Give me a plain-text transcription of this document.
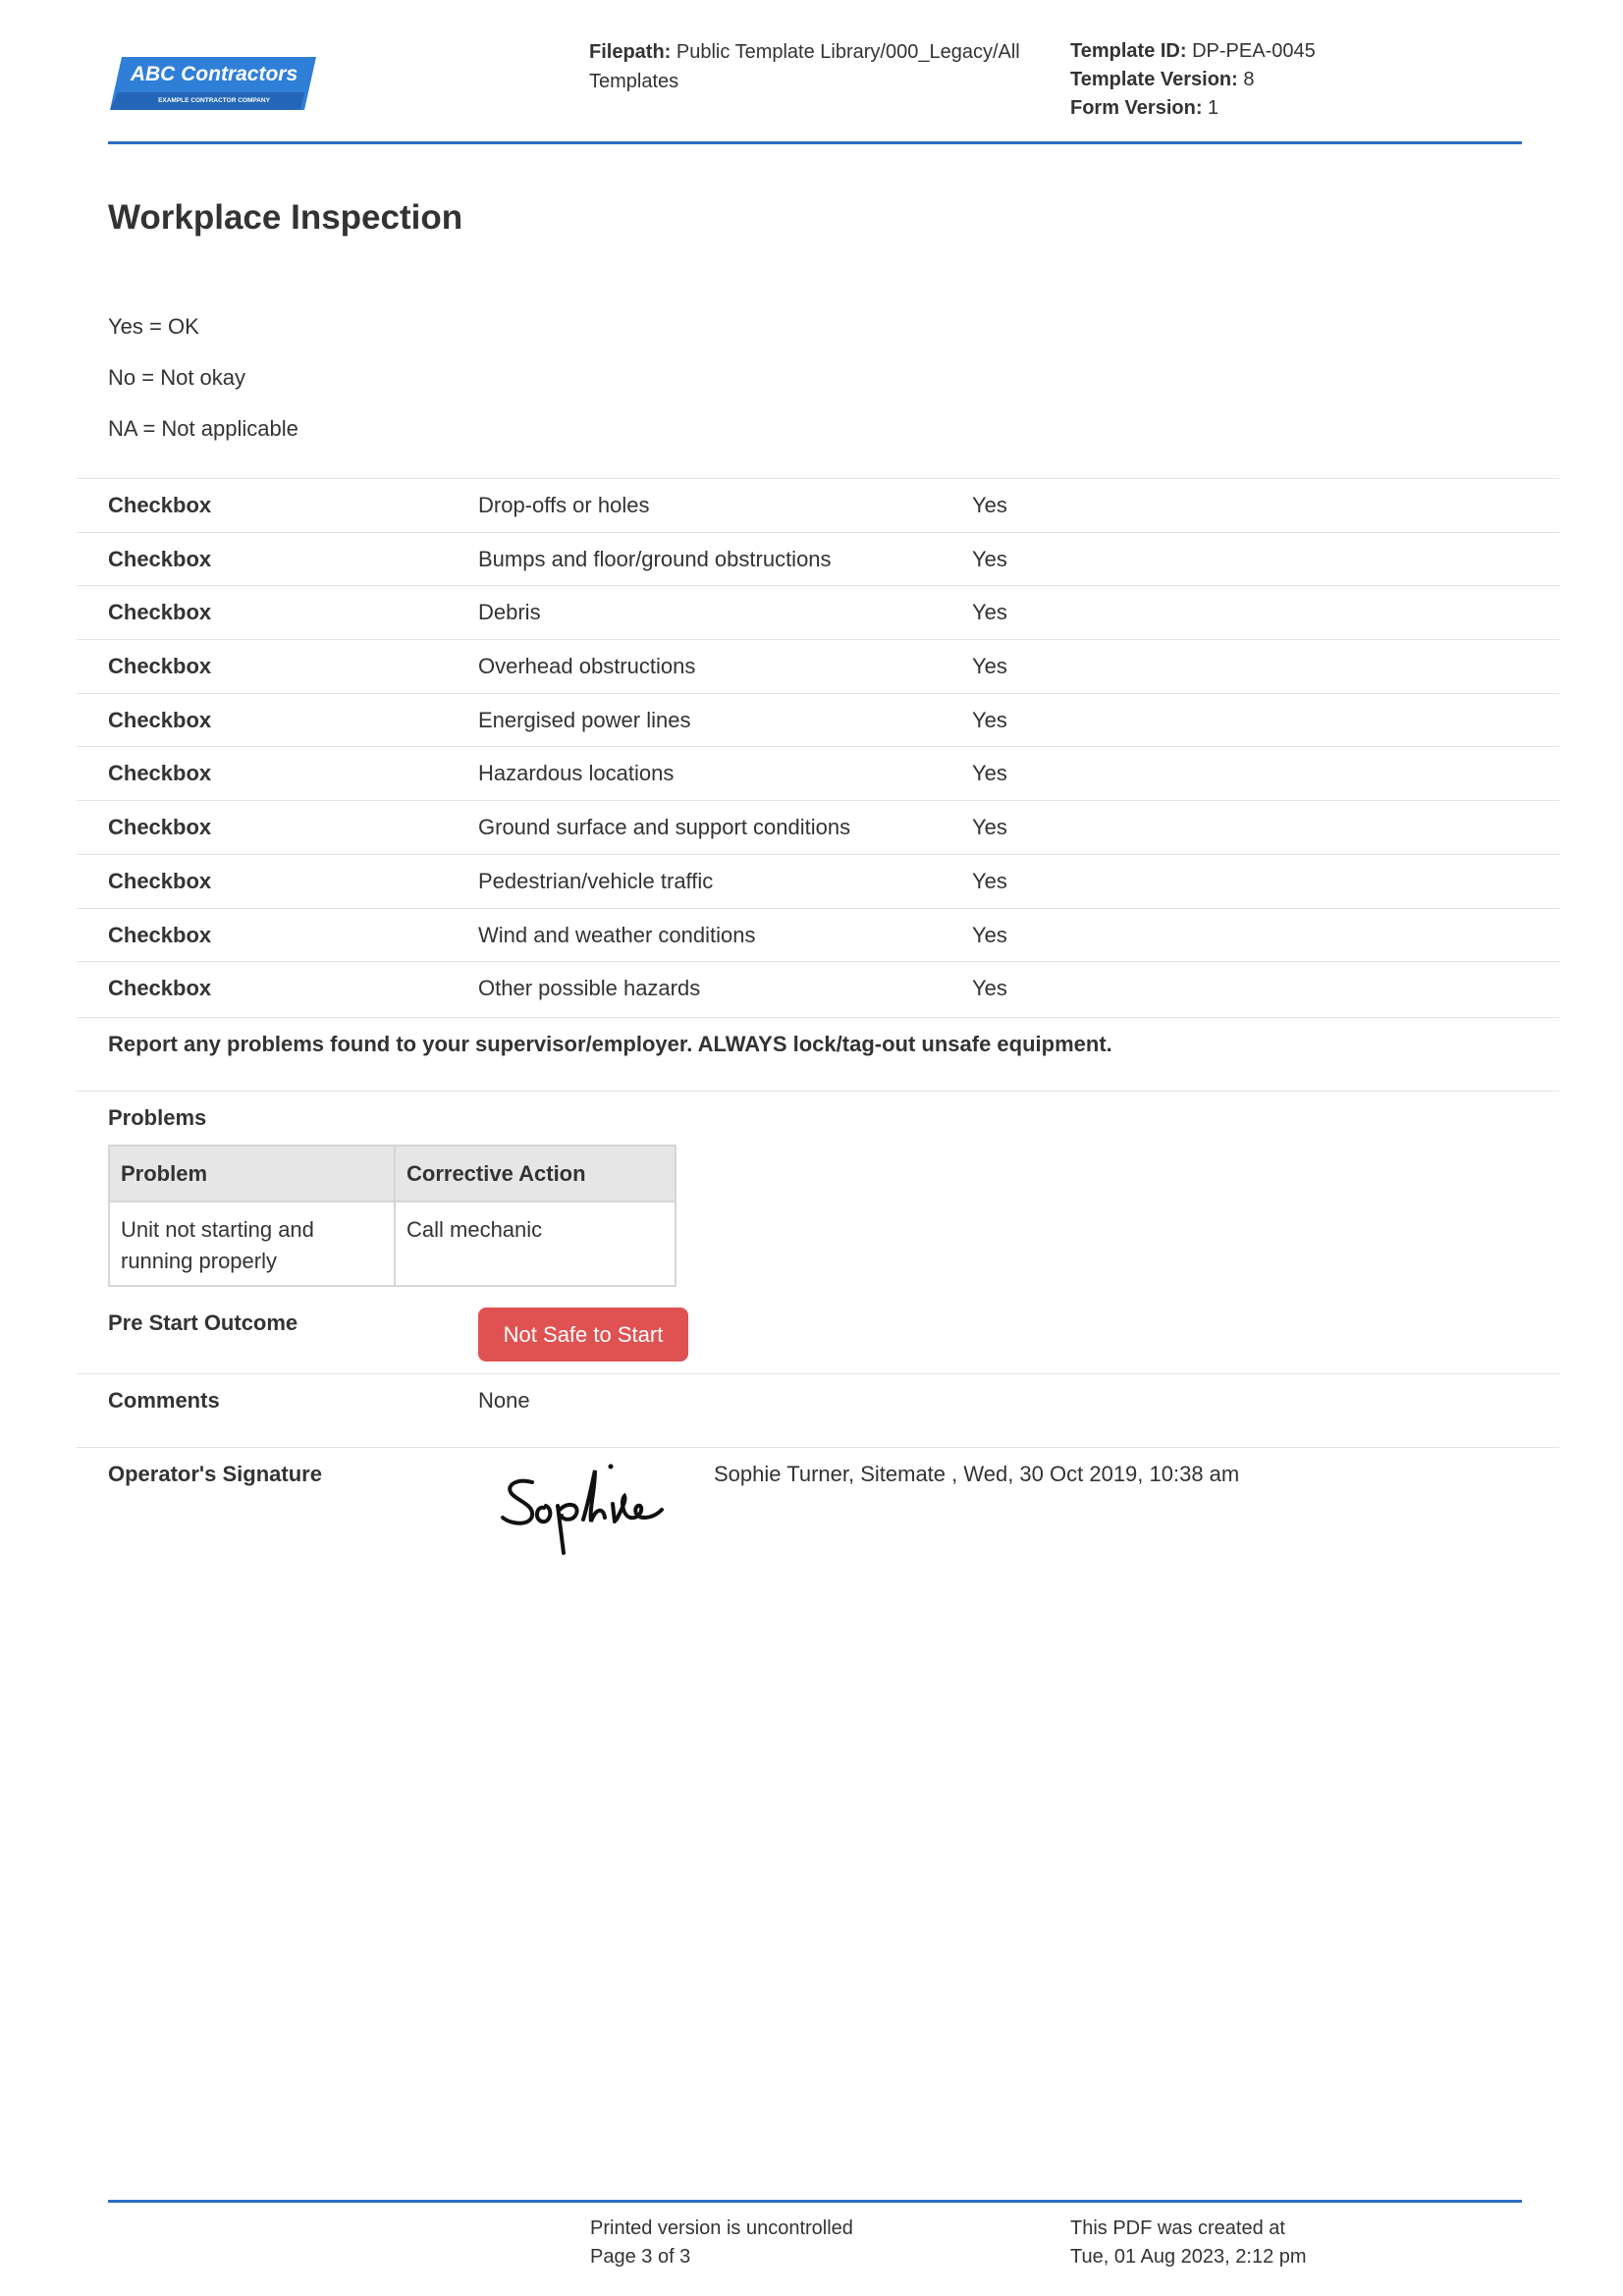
ABC Contractors
EXAMPLE CONTRACTOR COMPANY
Filepath: Public Template Library/000_Legacy/All Templates
Template ID: DP-PEA-0045
Template Version: 8
Form Version: 1
Workplace Inspection
Yes = OK
No = Not okay
NA = Not applicable
Checkbox	Drop-offs or holes	Yes
Checkbox	Bumps and floor/ground obstructions	Yes
Checkbox	Debris	Yes
Checkbox	Overhead obstructions	Yes
Checkbox	Energised power lines	Yes
Checkbox	Hazardous locations	Yes
Checkbox	Ground surface and support conditions	Yes
Checkbox	Pedestrian/vehicle traffic	Yes
Checkbox	Wind and weather conditions	Yes
Checkbox	Other possible hazards	Yes
Report any problems found to your supervisor/employer. ALWAYS lock/tag-out unsafe equipment.
Problems
Problem	Corrective Action
Unit not starting and running properly	Call mechanic
Pre Start Outcome	Not Safe to Start
Comments	None
Operator's Signature	Sophie Turner, Sitemate , Wed, 30 Oct 2019, 10:38 am
Printed version is uncontrolled
Page 3 of 3
This PDF was created at
Tue, 01 Aug 2023, 2:12 pm
